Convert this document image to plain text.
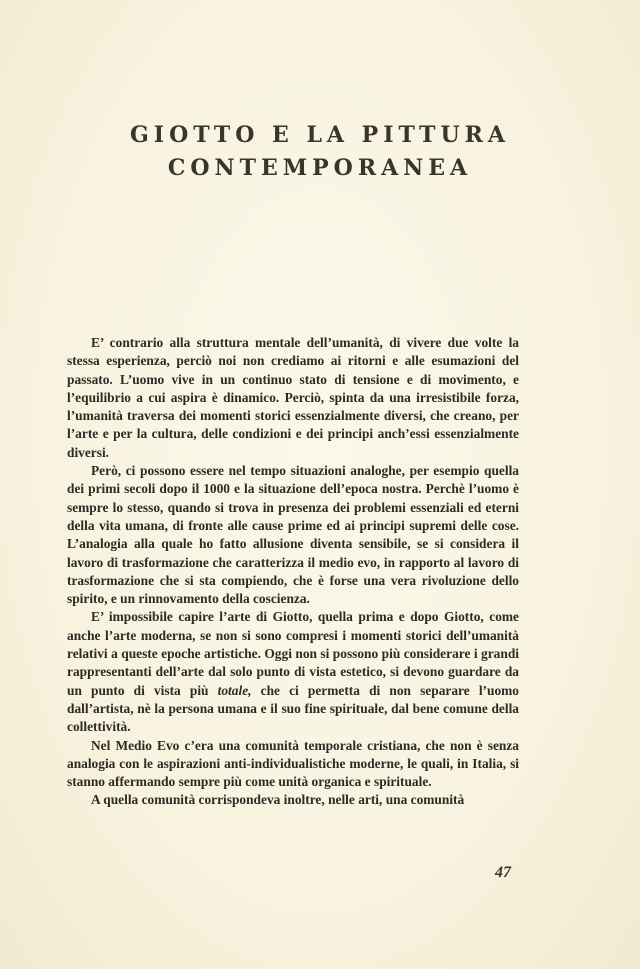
GIOTTO E LA PITTURA
CONTEMPORANEA

E’ contrario alla struttura mentale dell’umanità, di vivere due volte la stessa esperienza, perciò noi non crediamo ai ritorni e alle esumazioni del passato. L’uomo vive in un continuo stato di tensione e di movimento, e l’equilibrio a cui aspira è dinamico. Perciò, spinta da una irresistibile forza, l’umanità traversa dei momenti storici essenzialmente diversi, che creano, per l’arte e per la cultura, delle condizioni e dei principi anch’essi essenzialmente diversi.

Però, ci possono essere nel tempo situazioni analoghe, per esempio quella dei primi secoli dopo il 1000 e la situazione dell’epoca nostra. Perchè l’uomo è sempre lo stesso, quando si trova in presenza dei problemi essenziali ed eterni della vita umana, di fronte alle cause prime ed ai principi supremi delle cose. L’analogia alla quale ho fatto allusione diventa sensibile, se si considera il lavoro di trasformazione che caratterizza il medio evo, in rapporto al lavoro di trasformazione che si sta compiendo, che è forse una vera rivoluzione dello spirito, e un rinnovamento della coscienza.

E’ impossibile capire l’arte di Giotto, quella prima e dopo Giotto, come anche l’arte moderna, se non si sono compresi i momenti storici dell’umanità relativi a queste epoche artistiche. Oggi non si possono più considerare i grandi rappresentanti dell’arte dal solo punto di vista estetico, si devono guardare da un punto di vista più totale, che ci permetta di non separare l’uomo dall’artista, nè la persona umana e il suo fine spirituale, dal bene comune della collettività.

Nel Medio Evo c’era una comunità temporale cristiana, che non è senza analogia con le aspirazioni anti-individualistiche moderne, le quali, in Italia, si stanno affermando sempre più come unità organica e spirituale.

A quella comunità corrispondeva inoltre, nelle arti, una comunità

47
